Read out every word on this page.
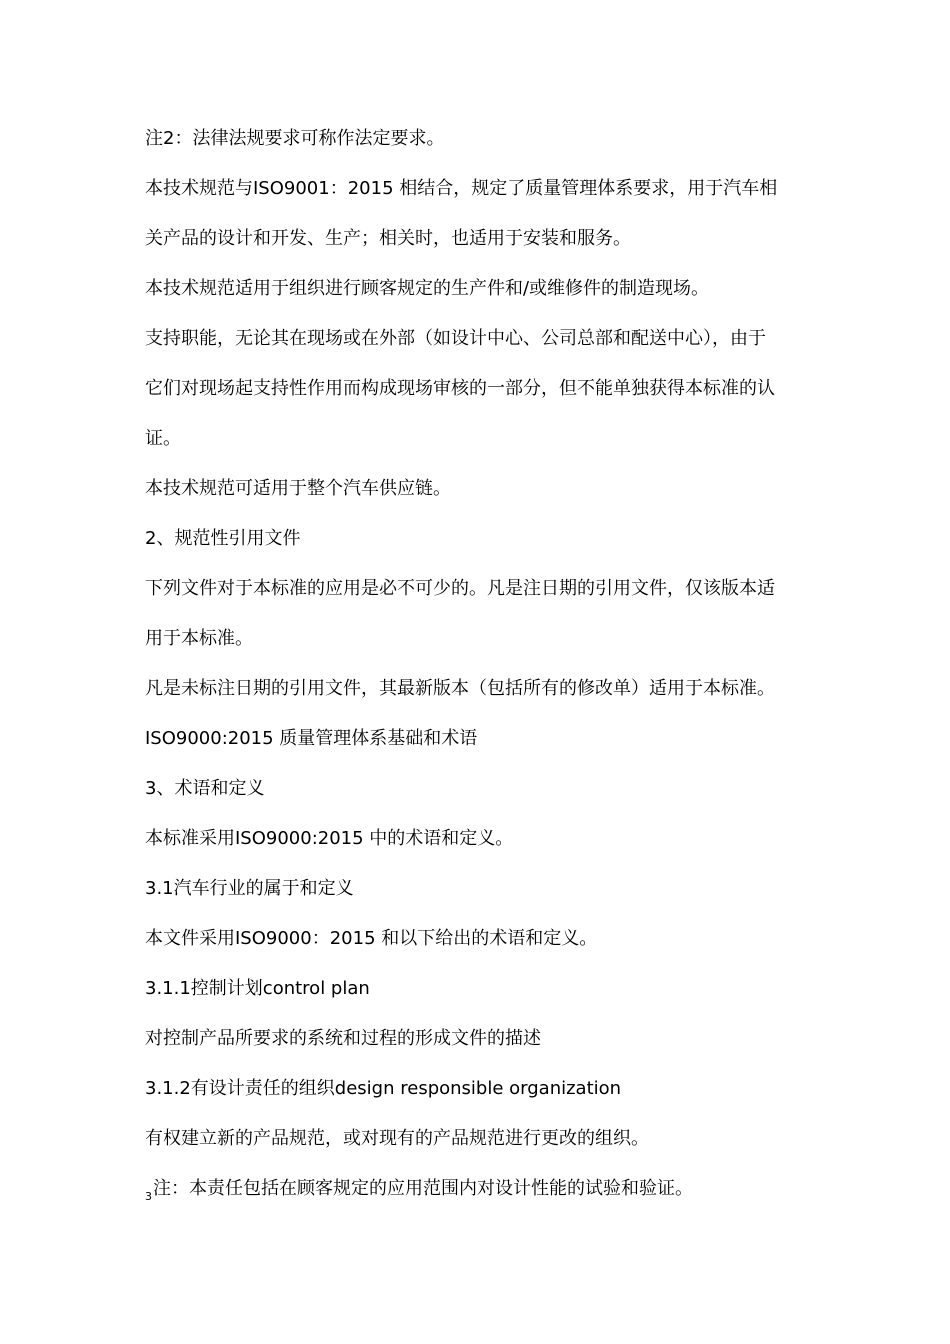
注2：法律法规要求可称作法定要求。
本技术规范与ISO9001：2015 相结合，规定了质量管理体系要求，用于汽车相
关产品的设计和开发、生产；相关时，也适用于安装和服务。
本技术规范适用于组织进行顾客规定的生产件和/或维修件的制造现场。
支持职能，无论其在现场或在外部（如设计中心、公司总部和配送中心），由于
它们对现场起支持性作用而构成现场审核的一部分，但不能单独获得本标准的认
证。
本技术规范可适用于整个汽车供应链。
2、规范性引用文件
下列文件对于本标准的应用是必不可少的。凡是注日期的引用文件，仅该版本适
用于本标准。
凡是未标注日期的引用文件，其最新版本（包括所有的修改单）适用于本标准。
ISO9000:2015 质量管理体系基础和术语
3、术语和定义
本标准采用ISO9000:2015 中的术语和定义。
3.1汽车行业的属于和定义
本文件采用ISO9000：2015 和以下给出的术语和定义。
3.1.1控制计划control plan
对控制产品所要求的系统和过程的形成文件的描述
3.1.2有设计责任的组织design responsible organization
有权建立新的产品规范，或对现有的产品规范进行更改的组织。
$_3$注：本责任包括在顾客规定的应用范围内对设计性能的试验和验证。
